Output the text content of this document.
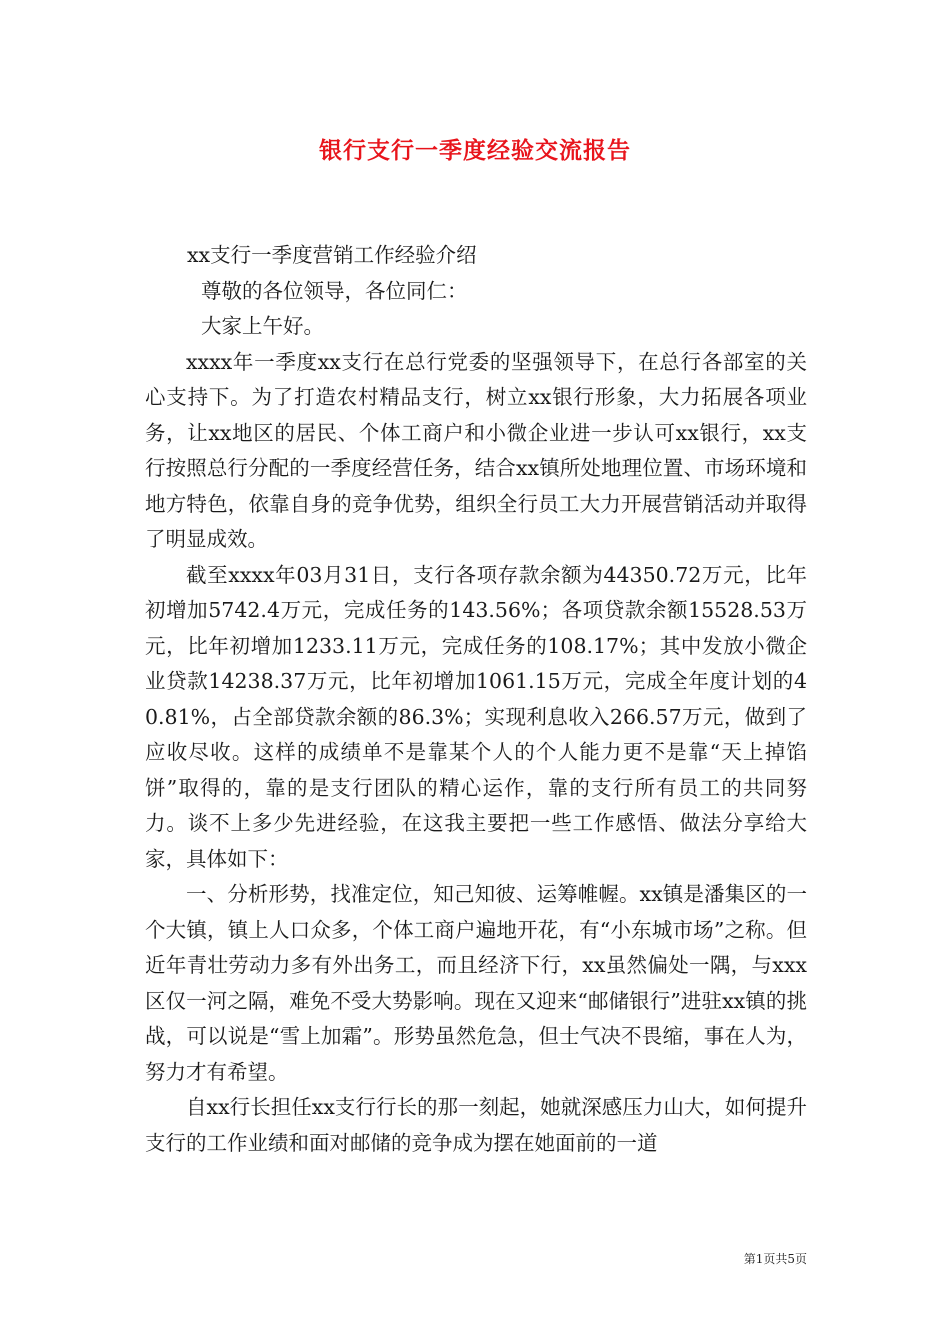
银行支行一季度经验交流报告

xx支行一季度营销工作经验介绍

尊敬的各位领导，各位同仁：

大家上午好。

xxxx年一季度xx支行在总行党委的坚强领导下，在总行各部室的关心支持下。为了打造农村精品支行，树立xx银行形象，大力拓展各项业务，让xx地区的居民、个体工商户和小微企业进一步认可xx银行，xx支行按照总行分配的一季度经营任务，结合xx镇所处地理位置、市场环境和地方特色，依靠自身的竞争优势，组织全行员工大力开展营销活动并取得了明显成效。

截至xxxx年03月31日，支行各项存款余额为44350.72万元，比年初增加5742.4万元，完成任务的143.56%；各项贷款余额15528.53万元，比年初增加1233.11万元，完成任务的108.17%；其中发放小微企业贷款14238.37万元，比年初增加1061.15万元，完成全年度计划的40.81%，占全部贷款余额的86.3%；实现利息收入266.57万元，做到了应收尽收。这样的成绩单不是靠某个人的个人能力更不是靠“天上掉馅饼”取得的，靠的是支行团队的精心运作，靠的支行所有员工的共同努力。谈不上多少先进经验，在这我主要把一些工作感悟、做法分享给大家，具体如下：

一、分析形势，找准定位，知己知彼、运筹帷幄。xx镇是潘集区的一个大镇，镇上人口众多，个体工商户遍地开花，有“小东城市场”之称。但近年青壮劳动力多有外出务工，而且经济下行，xx虽然偏处一隅，与xxx区仅一河之隔，难免不受大势影响。现在又迎来“邮储银行”进驻xx镇的挑战，可以说是“雪上加霜”。形势虽然危急，但士气决不畏缩，事在人为，努力才有希望。

自xx行长担任xx支行行长的那一刻起，她就深感压力山大，如何提升支行的工作业绩和面对邮储的竞争成为摆在她面前的一道

第1页共5页
